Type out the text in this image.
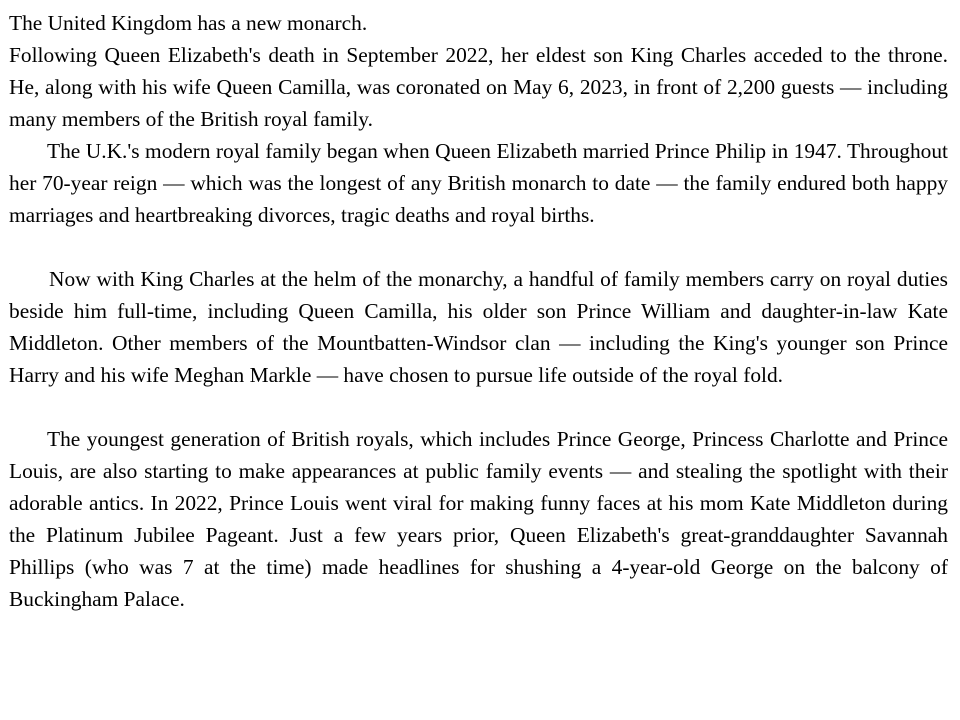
The United Kingdom has a new monarch.

Following Queen Elizabeth's death in September 2022, her eldest son King Charles acceded to the throne. He, along with his wife Queen Camilla, was coronated on May 6, 2023, in front of 2,200 guests — including many members of the British royal family.

The U.K.'s modern royal family began when Queen Elizabeth married Prince Philip in 1947. Throughout her 70-year reign — which was the longest of any British monarch to date — the family endured both happy marriages and heartbreaking divorces, tragic deaths and royal births.

Now with King Charles at the helm of the monarchy, a handful of family members carry on royal duties beside him full-time, including Queen Camilla, his older son Prince William and daughter-in-law Kate Middleton. Other members of the Mountbatten-Windsor clan — including the King's younger son Prince Harry and his wife Meghan Markle — have chosen to pursue life outside of the royal fold.

The youngest generation of British royals, which includes Prince George, Princess Charlotte and Prince Louis, are also starting to make appearances at public family events — and stealing the spotlight with their adorable antics. In 2022, Prince Louis went viral for making funny faces at his mom Kate Middleton during the Platinum Jubilee Pageant. Just a few years prior, Queen Elizabeth's great-granddaughter Savannah Phillips (who was 7 at the time) made headlines for shushing a 4-year-old George on the balcony of Buckingham Palace.
